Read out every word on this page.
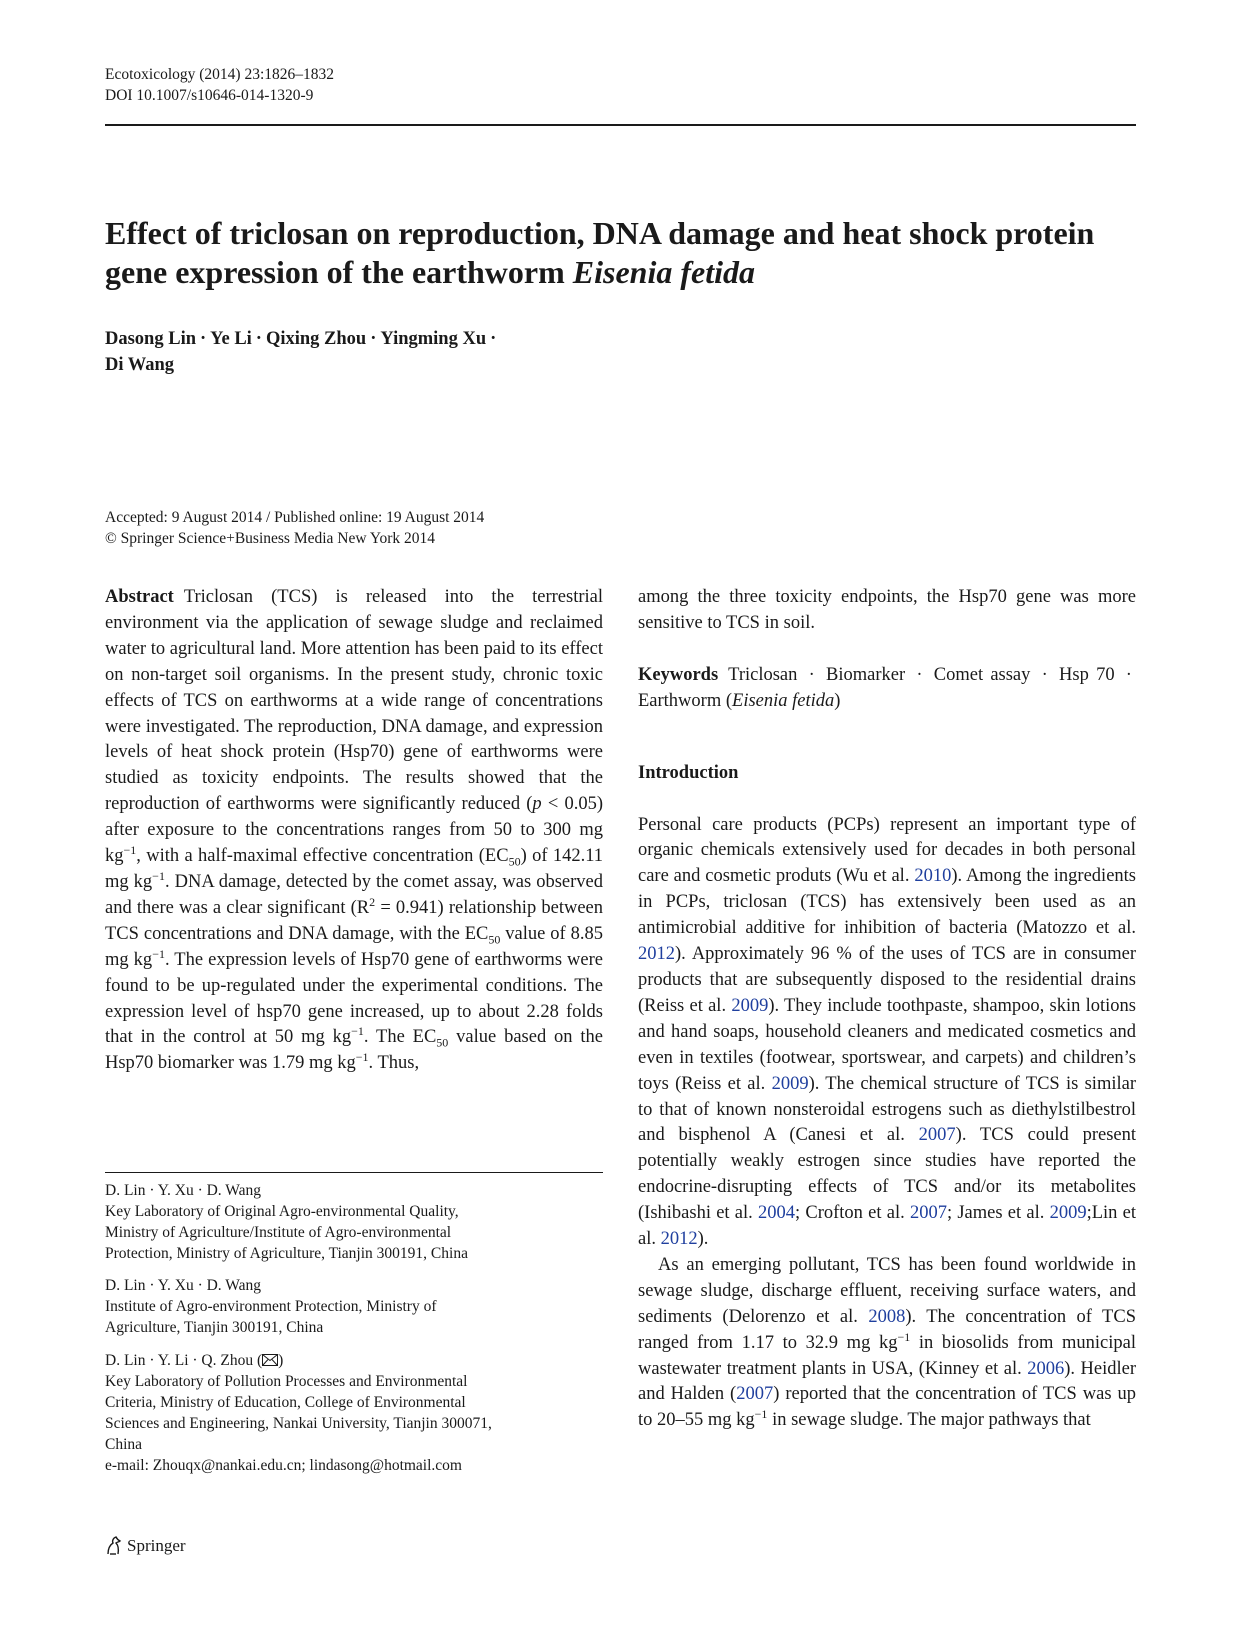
Ecotoxicology (2014) 23:1826–1832
DOI 10.1007/s10646-014-1320-9
Effect of triclosan on reproduction, DNA damage and heat shock protein gene expression of the earthworm Eisenia fetida
Dasong Lin · Ye Li · Qixing Zhou · Yingming Xu ·
Di Wang
Accepted: 9 August 2014 / Published online: 19 August 2014
© Springer Science+Business Media New York 2014

Abstract Triclosan (TCS) is released into the terrestrial environment via the application of sewage sludge and reclaimed water to agricultural land. More attention has been paid to its effect on non-target soil organisms. In the present study, chronic toxic effects of TCS on earthworms at a wide range of concentrations were investigated. The reproduction, DNA damage, and expression levels of heat shock protein (Hsp70) gene of earthworms were studied as toxicity endpoints. The results showed that the reproduction of earthworms were significantly reduced (p < 0.05) after exposure to the concentrations ranges from 50 to 300 mg $kg^{-1}$, with a half-maximal effective concentration $(EC_{50})$ of 142.11 mg $kg^{-1}$. DNA damage, detected by the comet assay, was observed and there was a clear significant $(R^2 = 0.941)$ relationship between TCS concentrations and DNA damage, with the $EC_{50}$ value of 8.85 mg $kg^{-1}$. The expression levels of Hsp70 gene of earthworms were found to be up-regulated under the experimental conditions. The expression level of hsp70 gene increased, up to about 2.28 folds that in the control at 50 mg $kg^{-1}$. The $EC_{50}$ value based on the Hsp70 biomarker was 1.79 mg $kg^{-1}$. Thus,

D. Lin · Y. Xu · D. Wang

Key Laboratory of Original Agro-environmental Quality,

Ministry of Agriculture/Institute of Agro-environmental

Protection, Ministry of Agriculture, Tianjin 300191, China

D. Lin · Y. Xu · D. Wang

Institute of Agro-environment Protection, Ministry of

Agriculture, Tianjin 300191, China

D. Lin · Y. Li · Q. Zhou ( )

Key Laboratory of Pollution Processes and Environmental

Criteria, Ministry of Education, College of Environmental

Sciences and Engineering, Nankai University, Tianjin 300071,

China

e-mail: Zhouqx@nankai.edu.cn; lindasong@hotmail.com

among the three toxicity endpoints, the Hsp70 gene was more sensitive to TCS in soil.

Keywords Triclosan · Biomarker · Comet assay · Hsp 70 · Earthworm (Eisenia fetida)

Introduction

Personal care products (PCPs) represent an important type of organic chemicals extensively used for decades in both personal care and cosmetic produts (Wu et al. 2010). Among the ingredients in PCPs, triclosan (TCS) has extensively been used as an antimicrobial additive for inhibition of bacteria (Matozzo et al. 2012). Approximately 96 % of the uses of TCS are in consumer products that are subsequently disposed to the residential drains (Reiss et al. 2009). They include toothpaste, shampoo, skin lotions and hand soaps, household cleaners and medicated cosmetics and even in textiles (footwear, sportswear, and carpets) and children’s toys (Reiss et al. 2009). The chemical structure of TCS is similar to that of known nonsteroidal estrogens such as diethylstilbestrol and bisphenol A (Canesi et al. 2007). TCS could present potentially weakly estrogen since studies have reported the endocrine-disrupting effects of TCS and/or its metabolites (Ishibashi et al. 2004; Crofton et al. 2007; James et al. 2009;Lin et al. 2012).

As an emerging pollutant, TCS has been found worldwide in sewage sludge, discharge effluent, receiving surface waters, and sediments (Delorenzo et al. 2008). The concentration of TCS ranged from 1.17 to 32.9 mg $kg^{-1}$ in biosolids from municipal wastewater treatment plants in USA, (Kinney et al. 2006). Heidler and Halden (2007) reported that the concentration of TCS was up to 20–55 mg $kg^{-1}$ in sewage sludge. The major pathways that

Springer
